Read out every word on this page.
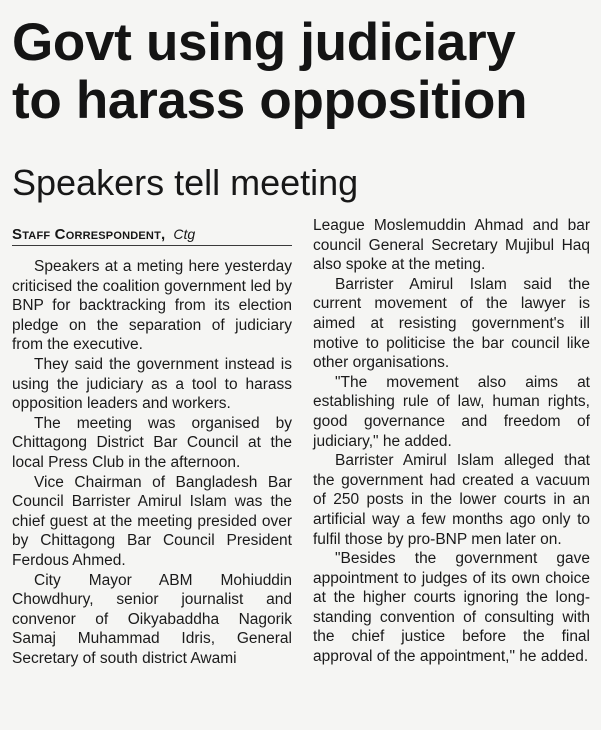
Govt using judiciary
to harass opposition
Speakers tell meeting
Staff Correspondent, Ctg

Speakers at a meting here yesterday criticised the coalition government led by BNP for backtracking from its election pledge on the separation of judiciary from the executive.

They said the government instead is using the judiciary as a tool to harass opposition leaders and workers.

The meeting was organised by Chittagong District Bar Council at the local Press Club in the afternoon.

Vice Chairman of Bangladesh Bar Council Barrister Amirul Islam was the chief guest at the meeting presided over by Chittagong Bar Council President Ferdous Ahmed.

City Mayor ABM Mohiuddin Chowdhury, senior journalist and convenor of Oikyabaddha Nagorik Samaj Muhammad Idris, General Secretary of south district Awami

League Moslemuddin Ahmad and bar council General Secretary Mujibul Haq also spoke at the meting.

Barrister Amirul Islam said the current movement of the lawyer is aimed at resisting government's ill motive to politicise the bar council like other organisations.

"The movement also aims at establishing rule of law, human rights, good governance and freedom of judiciary," he added.

Barrister Amirul Islam alleged that the government had created a vacuum of 250 posts in the lower courts in an artificial way a few months ago only to fulfil those by pro-BNP men later on.

"Besides the government gave appointment to judges of its own choice at the higher courts ignoring the long-standing convention of consulting with the chief justice before the final approval of the appointment," he added.
